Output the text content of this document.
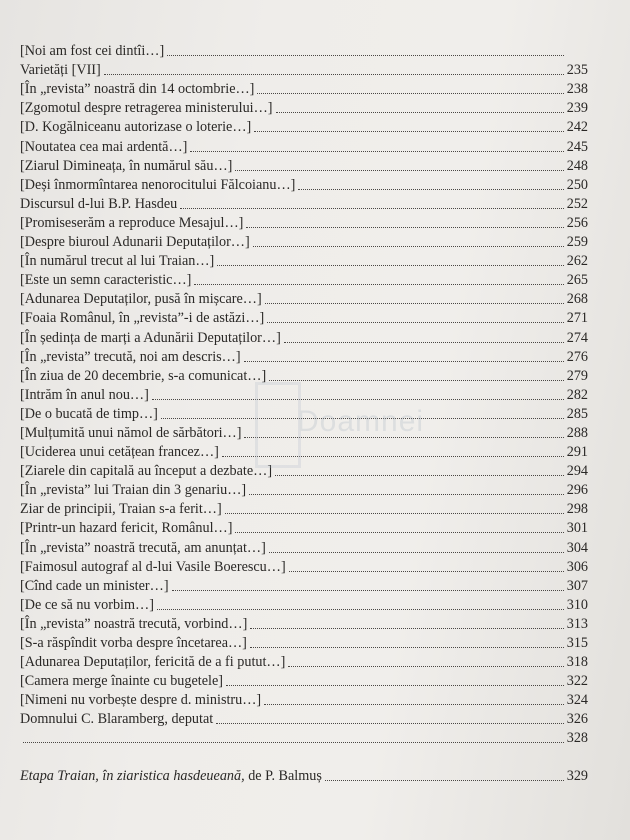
[Noi am fost cei dintîi…]
Varietăți [VII]	235
[În „revista” noastră din 14 octombrie…]	238
[Zgomotul despre retragerea ministerului…]	239
[D. Kogălniceanu autorizase o loterie…]	242
[Noutatea cea mai ardentă…]	245
[Ziarul Dimineața, în numărul său…]	248
[Deși înmormîntarea nenorocitului Fălcoianu…]	250
Discursul d-lui B.P. Hasdeu	252
[Promiseserăm a reproduce Mesajul…]	256
[Despre biuroul Adunarii Deputaților…]	259
[În numărul trecut al lui Traian…]	262
[Este un semn caracteristic…]	265
[Adunarea Deputaților, pusă în mișcare…]	268
[Foaia Românul, în „revista”-i de astăzi…]	271
[În ședința de marți a Adunării Deputaților…]	274
[În „revista” trecută, noi am descris…]	276
[În ziua de 20 decembrie, s-a comunicat…]	279
[Intrăm în anul nou…]	282
[De o bucată de timp…]	285
[Mulțumită unui nămol de sărbători…]	288
[Uciderea unui cetățean francez…]	291
[Ziarele din capitală au început a dezbate…]	294
[În „revista” lui Traian din 3 genariu…]	296
Ziar de principii, Traian s-a ferit…]	298
[Printr-un hazard fericit, Românul…]	301
[În „revista” noastră trecută, am anunțat…]	304
[Faimosul autograf al d-lui Vasile Boerescu…]	306
[Cînd cade un minister…]	307
[De ce să nu vorbim…]	310
[În „revista” noastră trecută, vorbind…]	313
[S-a răspîndit vorba despre încetarea…]	315
[Adunarea Deputaților, fericită de a fi putut…]	318
[Camera merge înainte cu bugetele]	322
[Nimeni nu vorbește despre d. ministru…]	324
Domnului C. Blaramberg, deputat	326
328
Etapa Traian, în ziaristica hasdeueană, de P. Balmuș	329
Doamnei
